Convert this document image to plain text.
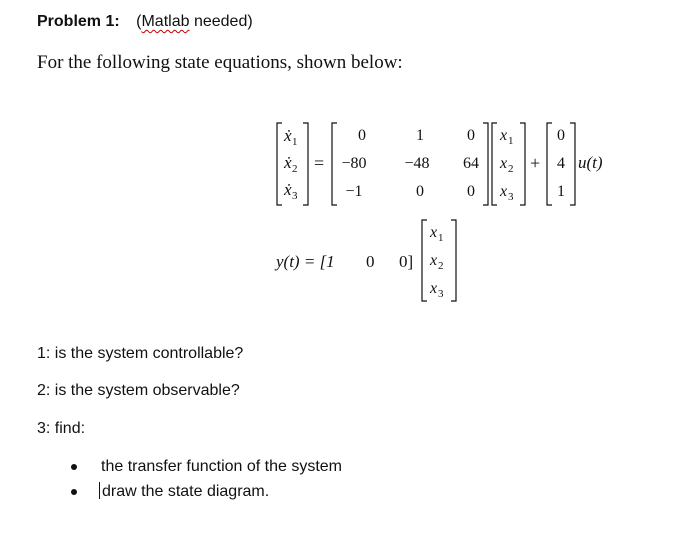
Problem 1: (Matlab needed)
For the following state equations, shown below:
ẋ 1
ẋ 2
ẋ 3
=
0	1	0
−80 −48 64
−1	0	0
x 1
x 2
x 3
+
0
4
1
u(t)
y(t) = [1 0 0]
x 1
x 2
x 3
1: is the system controllable?
2: is the system observable?
3: find:
the transfer function of the system
draw the state diagram.
